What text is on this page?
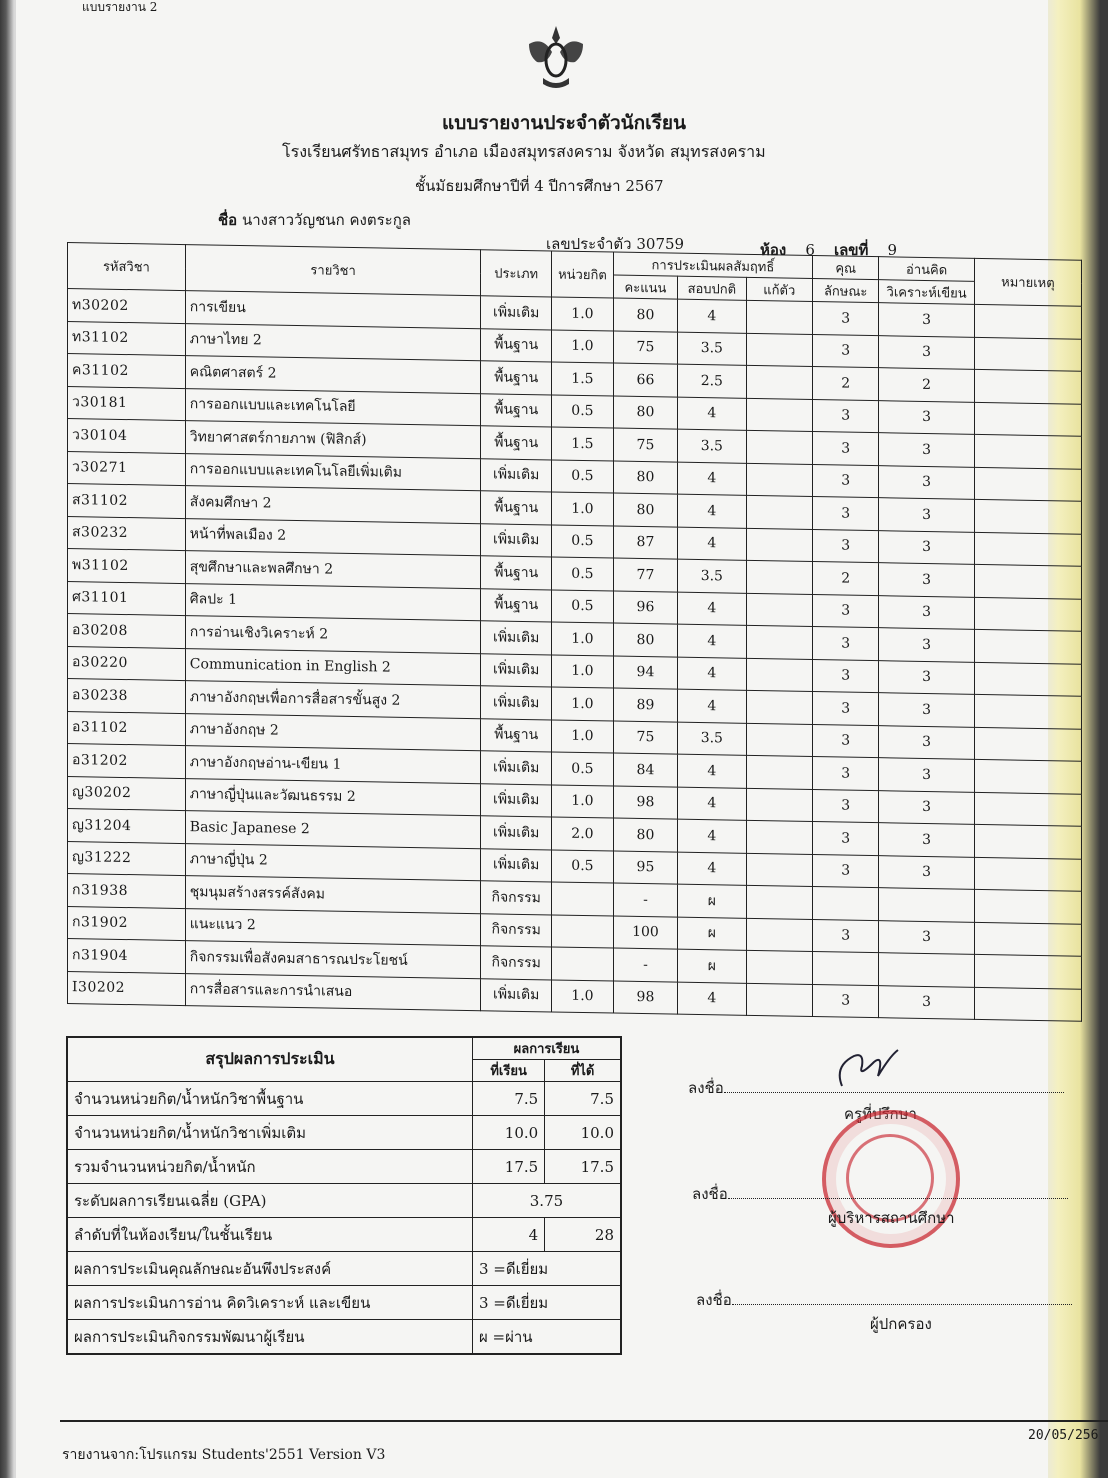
แบบรายงาน 2
แบบรายงานประจำตัวนักเรียน
โรงเรียนศรัทธาสมุทร อำเภอ เมืองสมุทรสงคราม จังหวัด สมุทรสงคราม
ชั้นมัธยมศึกษาปีที่ 4 ปีการศึกษา 2567
ชื่อ นางสาววัญชนก คงตระกูล
เลขประจำตัว 30759	ห้อง 6 เลขที่ 9
รหัสวิชา	รายวิชา	ประเภท	หน่วยกิต	การประเมินผลสัมฤทธิ์			คุณ	อ่านคิด	หมายเหตุ
				คะแนน	สอบปกติ	แก้ตัว	ลักษณะ	วิเคราะห์เขียน	
ท30202	การเขียน	เพิ่มเติม	1.0	80	4		3	3	
ท31102	ภาษาไทย 2	พื้นฐาน	1.0	75	3.5		3	3	
ค31102	คณิตศาสตร์ 2	พื้นฐาน	1.5	66	2.5		2	2	
ว30181	การออกแบบและเทคโนโลยี	พื้นฐาน	0.5	80	4		3	3	
ว30104	วิทยาศาสตร์กายภาพ (ฟิสิกส์)	พื้นฐาน	1.5	75	3.5		3	3	
ว30271	การออกแบบและเทคโนโลยีเพิ่มเติม	เพิ่มเติม	0.5	80	4		3	3	
ส31102	สังคมศึกษา 2	พื้นฐาน	1.0	80	4		3	3	
ส30232	หน้าที่พลเมือง 2	เพิ่มเติม	0.5	87	4		3	3	
พ31102	สุขศึกษาและพลศึกษา 2	พื้นฐาน	0.5	77	3.5		2	3	
ศ31101	ศิลปะ 1	พื้นฐาน	0.5	96	4		3	3	
อ30208	การอ่านเชิงวิเคราะห์ 2	เพิ่มเติม	1.0	80	4		3	3	
อ30220	Communication in English 2	เพิ่มเติม	1.0	94	4		3	3	
อ30238	ภาษาอังกฤษเพื่อการสื่อสารขั้นสูง 2	เพิ่มเติม	1.0	89	4		3	3	
อ31102	ภาษาอังกฤษ 2	พื้นฐาน	1.0	75	3.5		3	3	
อ31202	ภาษาอังกฤษอ่าน-เขียน 1	เพิ่มเติม	0.5	84	4		3	3	
ญ30202	ภาษาญี่ปุ่นและวัฒนธรรม 2	เพิ่มเติม	1.0	98	4		3	3	
ญ31204	Basic Japanese 2	เพิ่มเติม	2.0	80	4		3	3	
ญ31222	ภาษาญี่ปุ่น 2	เพิ่มเติม	0.5	95	4		3	3	
ก31938	ชุมนุมสร้างสรรค์สังคม	กิจกรรม		-	ผ				
ก31902	แนะแนว 2	กิจกรรม		100	ผ		3	3	
ก31904	กิจกรรมเพื่อสังคมสาธารณประโยชน์	กิจกรรม		-	ผ				
I30202	การสื่อสารและการนำเสนอ	เพิ่มเติม	1.0	98	4		3	3	
สรุปผลการประเมิน	ผลการเรียน	
	ที่เรียน	ที่ได้
จำนวนหน่วยกิต/น้ำหนักวิชาพื้นฐาน	7.5	7.5
จำนวนหน่วยกิต/น้ำหนักวิชาเพิ่มเติม	10.0	10.0
รวมจำนวนหน่วยกิต/น้ำหนัก	17.5	17.5
ระดับผลการเรียนเฉลี่ย (GPA)	3.75	
ลำดับที่ในห้องเรียน/ในชั้นเรียน	4	28
ผลการประเมินคุณลักษณะอันพึงประสงค์	3 =ดีเยี่ยม	
ผลการประเมินการอ่าน คิดวิเคราะห์ และเขียน	3 =ดีเยี่ยม	
ผลการประเมินกิจกรรมพัฒนาผู้เรียน	ผ =ผ่าน	
ลงชื่อ
ครูที่ปรึกษา
ลงชื่อ
ผู้บริหารสถานศึกษา
ลงชื่อ
ผู้ปกครอง
รายงานจาก:โปรแกรม Students'2551 Version V3
20/05/256
